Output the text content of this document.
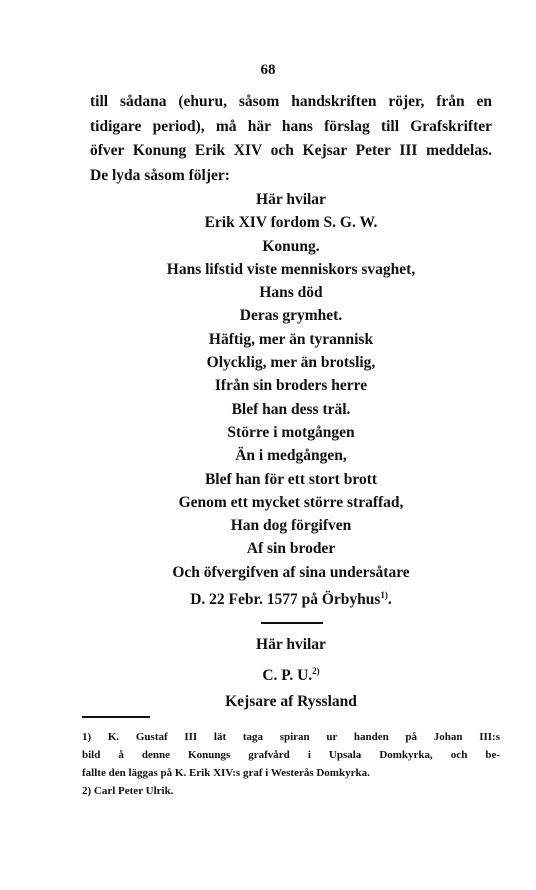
68
till sådana (ehuru, såsom handskriften röjer, från en
tidigare period), må här hans förslag till Grafskrifter
öfver Konung Erik XIV och Kejsar Peter III meddelas.
De lyda såsom följer:
Här hvilar
Erik XIV fordom S. G. W.
Konung.
Hans lifstid viste menniskors svaghet,
Hans död
Deras grymhet.
Häftig, mer än tyrannisk
Olycklig, mer än brotslig,
Ifrån sin broders herre
Blef han dess träl.
Större i motgången
Än i medgången,
Blef han för ett stort brott
Genom ett mycket större straffad,
Han dog förgifven
Af sin broder
Och öfvergifven af sina undersåtare
D. 22 Febr. 1577 på Örbyhus$^{1)}$.
Här hvilar
C. P. U.$^{2)}$
Kejsare af Ryssland
1) K. Gustaf III lät taga spiran ur handen på Johan III:s
bild å denne Konungs grafvård i Upsala Domkyrka, och be-
fallte den läggas på K. Erik XIV:s graf i Westerås Domkyrka.
2) Carl Peter Ulrik.
